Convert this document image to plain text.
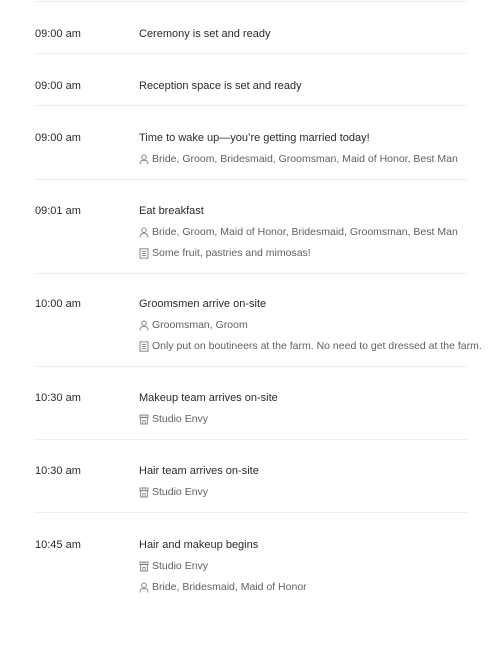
09:00 am	Ceremony is set and ready
09:00 am	Reception space is set and ready
09:00 am	Time to wake up—you’re getting married today!
Bride, Groom, Bridesmaid, Groomsman, Maid of Honor, Best Man
09:01 am	Eat breakfast
Bride, Groom, Maid of Honor, Bridesmaid, Groomsman, Best Man
Some fruit, pastries and mimosas!
10:00 am	Groomsmen arrive on-site
Groomsman, Groom
Only put on boutineers at the farm. No need to get dressed at the farm.
10:30 am	Makeup team arrives on-site
Studio Envy
10:30 am	Hair team arrives on-site
Studio Envy
10:45 am	Hair and makeup begins
Studio Envy
Bride, Bridesmaid, Maid of Honor
